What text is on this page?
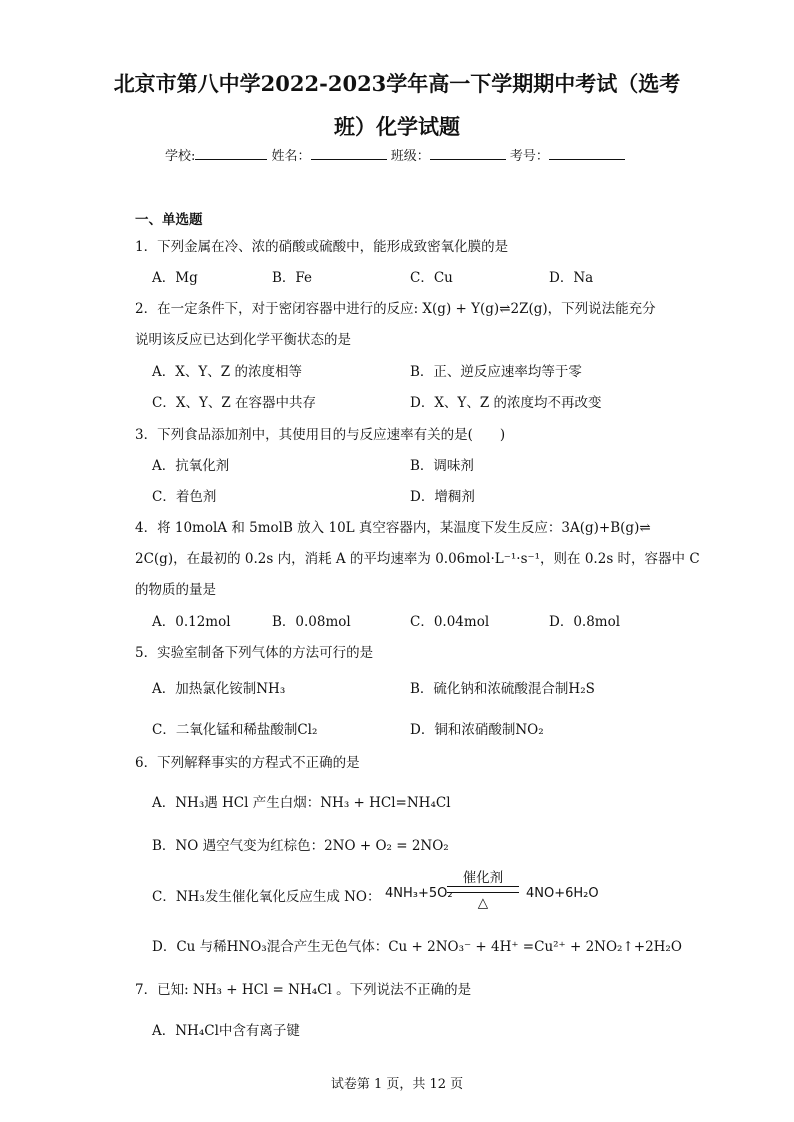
北京市第八中学2022-2023学年高一下学期期中考试（选考
班）化学试题
学校:	姓名：	班级：	考号：
一、单选题
1．下列金属在冷、浓的硝酸或硫酸中，能形成致密氧化膜的是
A．Mg	B．Fe	C．Cu	D．Na
2．在一定条件下，对于密闭容器中进行的反应: X(g) + Y(g)⇌2Z(g)，下列说法能充分
说明该反应已达到化学平衡状态的是
A．X、Y、Z 的浓度相等	B．正、逆反应速率均等于零
C．X、Y、Z 在容器中共存	D．X、Y、Z 的浓度均不再改变
3．下列食品添加剂中，其使用目的与反应速率有关的是(　　)
A．抗氧化剂	B．调味剂
C．着色剂	D．增稠剂
4．将 10molA 和 5molB 放入 10L 真空容器内，某温度下发生反应：3A(g)+B(g)⇌
2C(g)，在最初的 0.2s 内，消耗 A 的平均速率为 0.06mol·L⁻¹·s⁻¹，则在 0.2s 时，容器中 C
的物质的量是
A．0.12mol	B．0.08mol	C．0.04mol	D．0.8mol
5．实验室制备下列气体的方法可行的是
A．加热氯化铵制NH₃	B．硫化钠和浓硫酸混合制H₂S
C．二氧化锰和稀盐酸制Cl₂	D．铜和浓硝酸制NO₂
6．下列解释事实的方程式不正确的是
A．NH₃遇 HCl 产生白烟：NH₃ + HCl=NH₄Cl
B．NO 遇空气变为红棕色：2NO + O₂ = 2NO₂
C．NH₃发生催化氧化反应生成 NO： 4NH₃+5O₂
催化剂
△
4NO+6H₂O
D．Cu 与稀HNO₃混合产生无色气体：Cu + 2NO₃⁻ + 4H⁺ =Cu²⁺ + 2NO₂↑+2H₂O
7．已知: NH₃ + HCl = NH₄Cl 。下列说法不正确的是
A．NH₄Cl中含有离子键
试卷第 1 页，共 12 页
